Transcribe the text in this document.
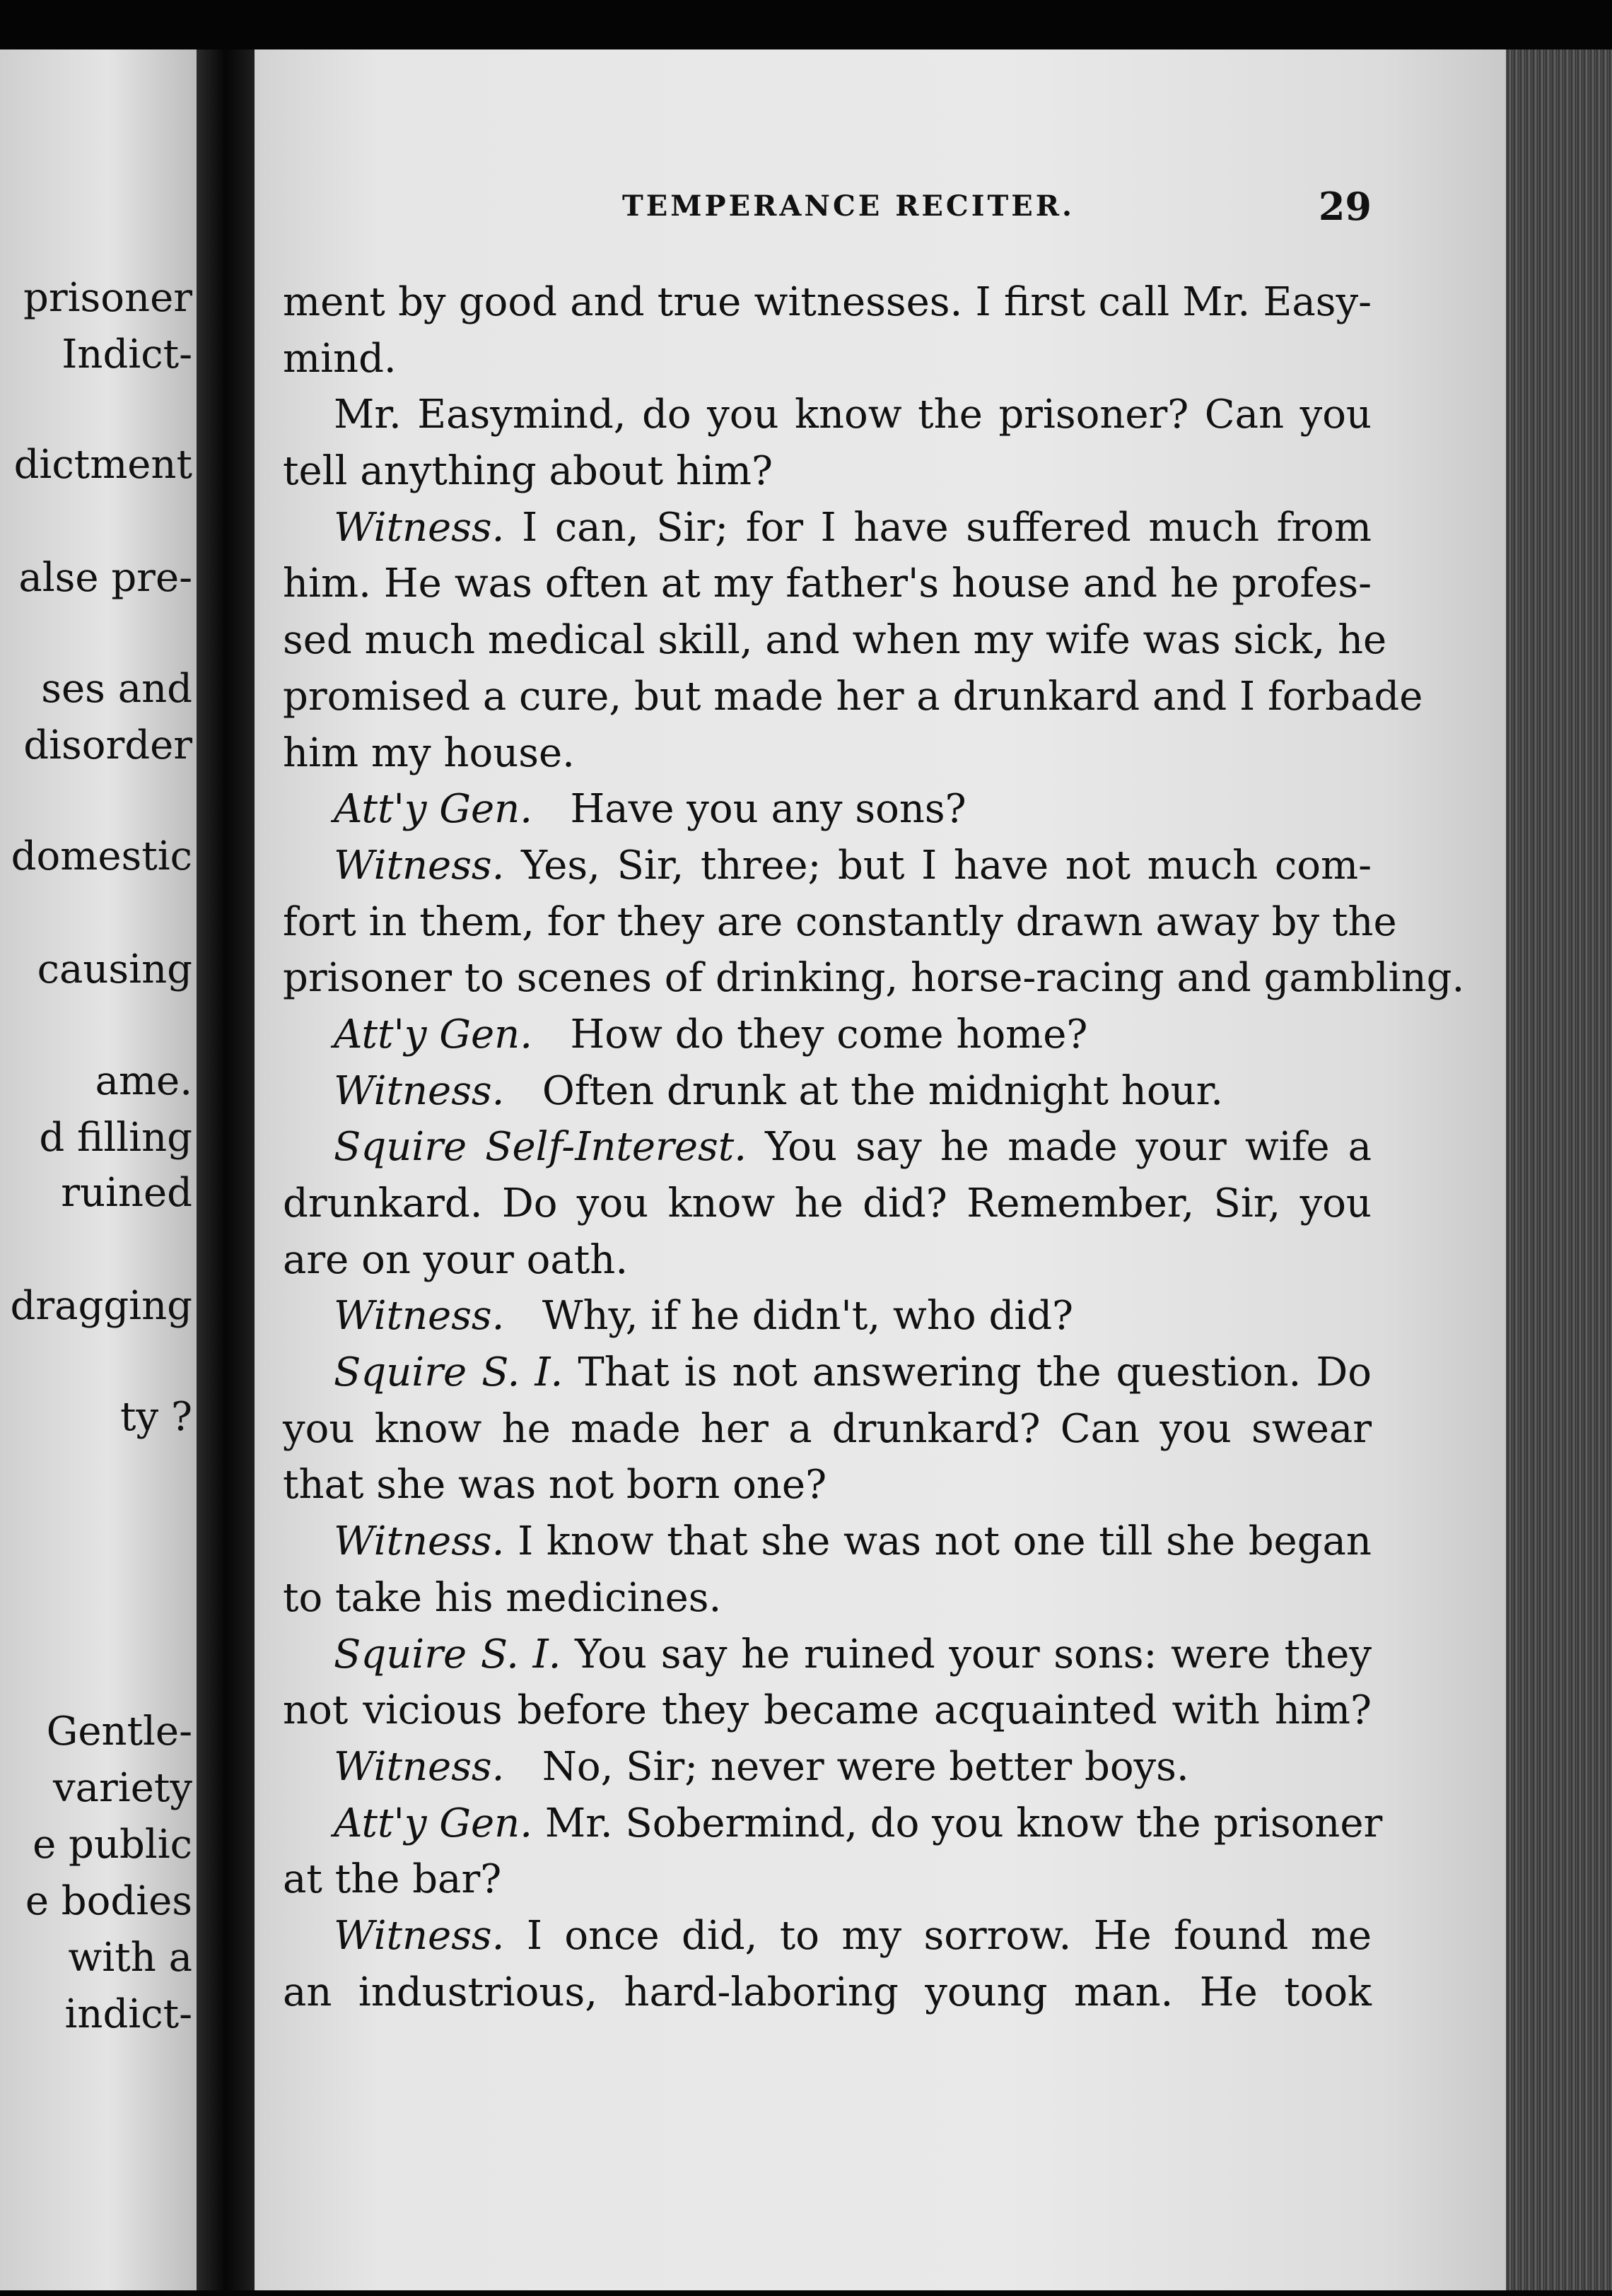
prisoner
Indict-
dictment
alse pre-
ses and
disorder
domestic
causing
ame.
d filling
ruined
dragging
ty ?
Gentle-
variety
e public
e bodies
with a
indict-
TEMPERANCE RECITER.	29
ment by good and true witnesses. I first call Mr. Easy-
mind.
Mr. Easymind, do you know the prisoner? Can you
tell anything about him?
Witness. I can, Sir; for I have suffered much from
him. He was often at my father's house and he profes-
sed much medical skill, and when my wife was sick, he
promised a cure, but made her a drunkard and I forbade
him my house.
Att'y Gen. Have you any sons?
Witness. Yes, Sir, three; but I have not much com-
fort in them, for they are constantly drawn away by the
prisoner to scenes of drinking, horse-racing and gambling.
Att'y Gen. How do they come home?
Witness. Often drunk at the midnight hour.
Squire Self-Interest. You say he made your wife a
drunkard. Do you know he did? Remember, Sir, you
are on your oath.
Witness. Why, if he didn't, who did?
Squire S. I. That is not answering the question. Do
you know he made her a drunkard? Can you swear
that she was not born one?
Witness. I know that she was not one till she began
to take his medicines.
Squire S. I. You say he ruined your sons: were they
not vicious before they became acquainted with him?
Witness. No, Sir; never were better boys.
Att'y Gen. Mr. Sobermind, do you know the prisoner
at the bar?
Witness. I once did, to my sorrow. He found me
an industrious, hard-laboring young man. He took
